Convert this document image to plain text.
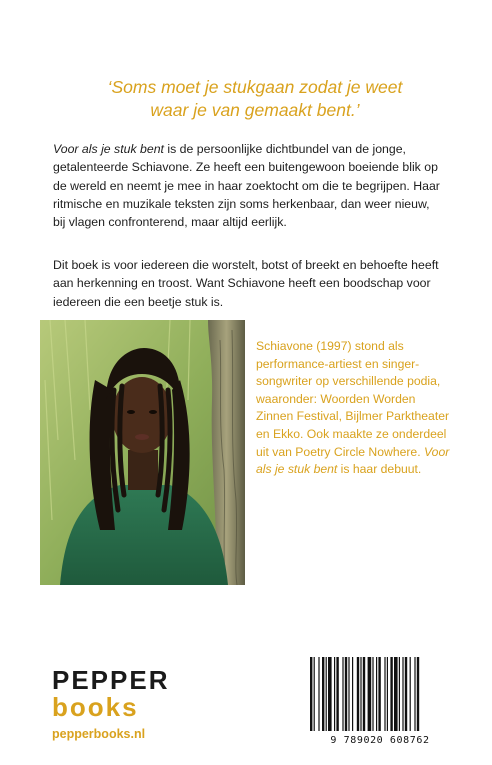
‘Soms moet je stukgaan zodat je weet
waar je van gemaakt bent.’
Voor als je stuk bent is de persoonlijke dichtbundel van de jonge, getalenteerde Schiavone. Ze heeft een buitengewoon boeiende blik op de wereld en neemt je mee in haar zoektocht om die te begrijpen. Haar ritmische en muzikale teksten zijn soms herkenbaar, dan weer nieuw, bij vlagen confronterend, maar altijd eerlijk.
Dit boek is voor iedereen die worstelt, botst of breekt en behoefte heeft aan herkenning en troost. Want Schiavone heeft een boodschap voor iedereen die een beetje stuk is.
Schiavone (1997) stond als performance-artiest en singer-songwriter op verschillende podia, waaronder: Woorden Worden Zinnen Festival, Bijlmer Parktheater en Ekko. Ook maakte ze onderdeel uit van Poetry Circle Nowhere. Voor als je stuk bent is haar debuut.
PEPPER
books
pepperbooks.nl	9 789020 608762
